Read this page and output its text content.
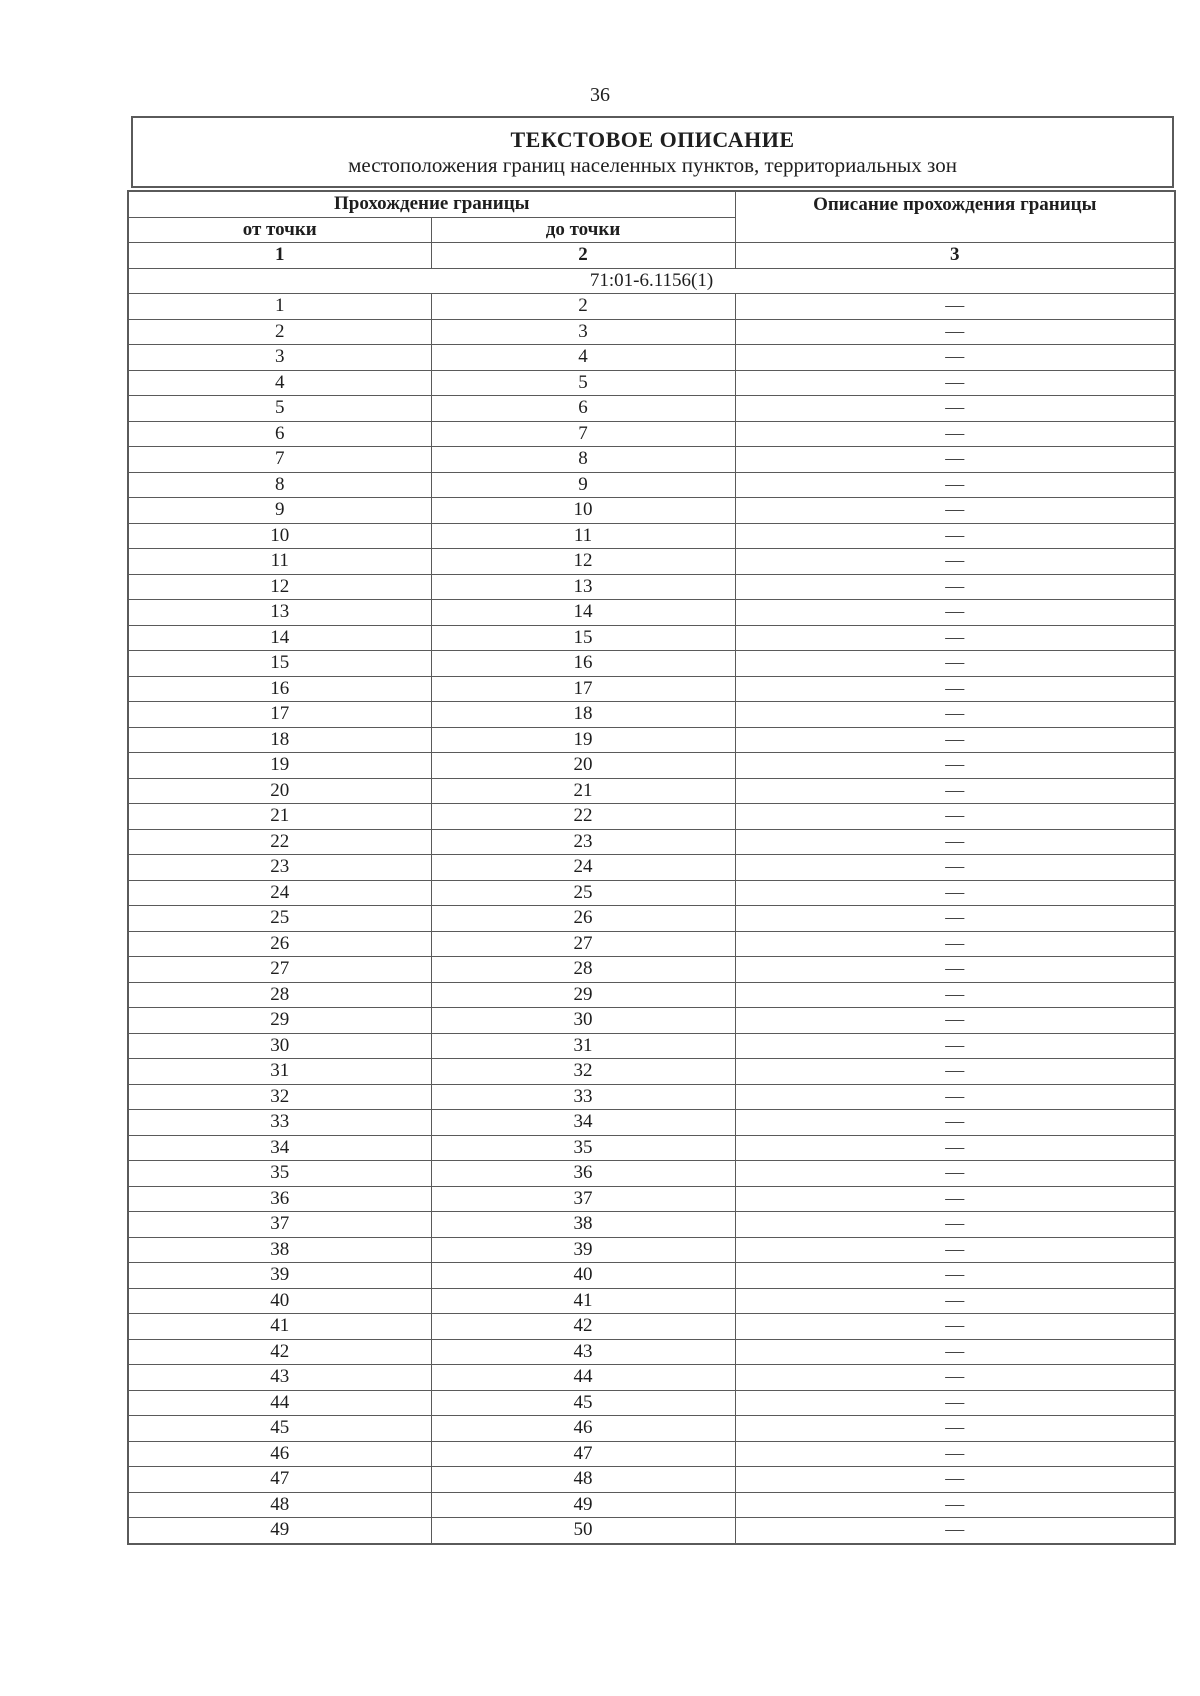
36
ТЕКСТОВОЕ ОПИСАНИЕ
местоположения границ населенных пунктов, территориальных зон
Прохождение границы		Описание прохождения границы
от точки	до точки	
1	2	3
71:01-6.1156(1)		
1	2	—
2	3	—
3	4	—
4	5	—
5	6	—
6	7	—
7	8	—
8	9	—
9	10	—
10	11	—
11	12	—
12	13	—
13	14	—
14	15	—
15	16	—
16	17	—
17	18	—
18	19	—
19	20	—
20	21	—
21	22	—
22	23	—
23	24	—
24	25	—
25	26	—
26	27	—
27	28	—
28	29	—
29	30	—
30	31	—
31	32	—
32	33	—
33	34	—
34	35	—
35	36	—
36	37	—
37	38	—
38	39	—
39	40	—
40	41	—
41	42	—
42	43	—
43	44	—
44	45	—
45	46	—
46	47	—
47	48	—
48	49	—
49	50	—
